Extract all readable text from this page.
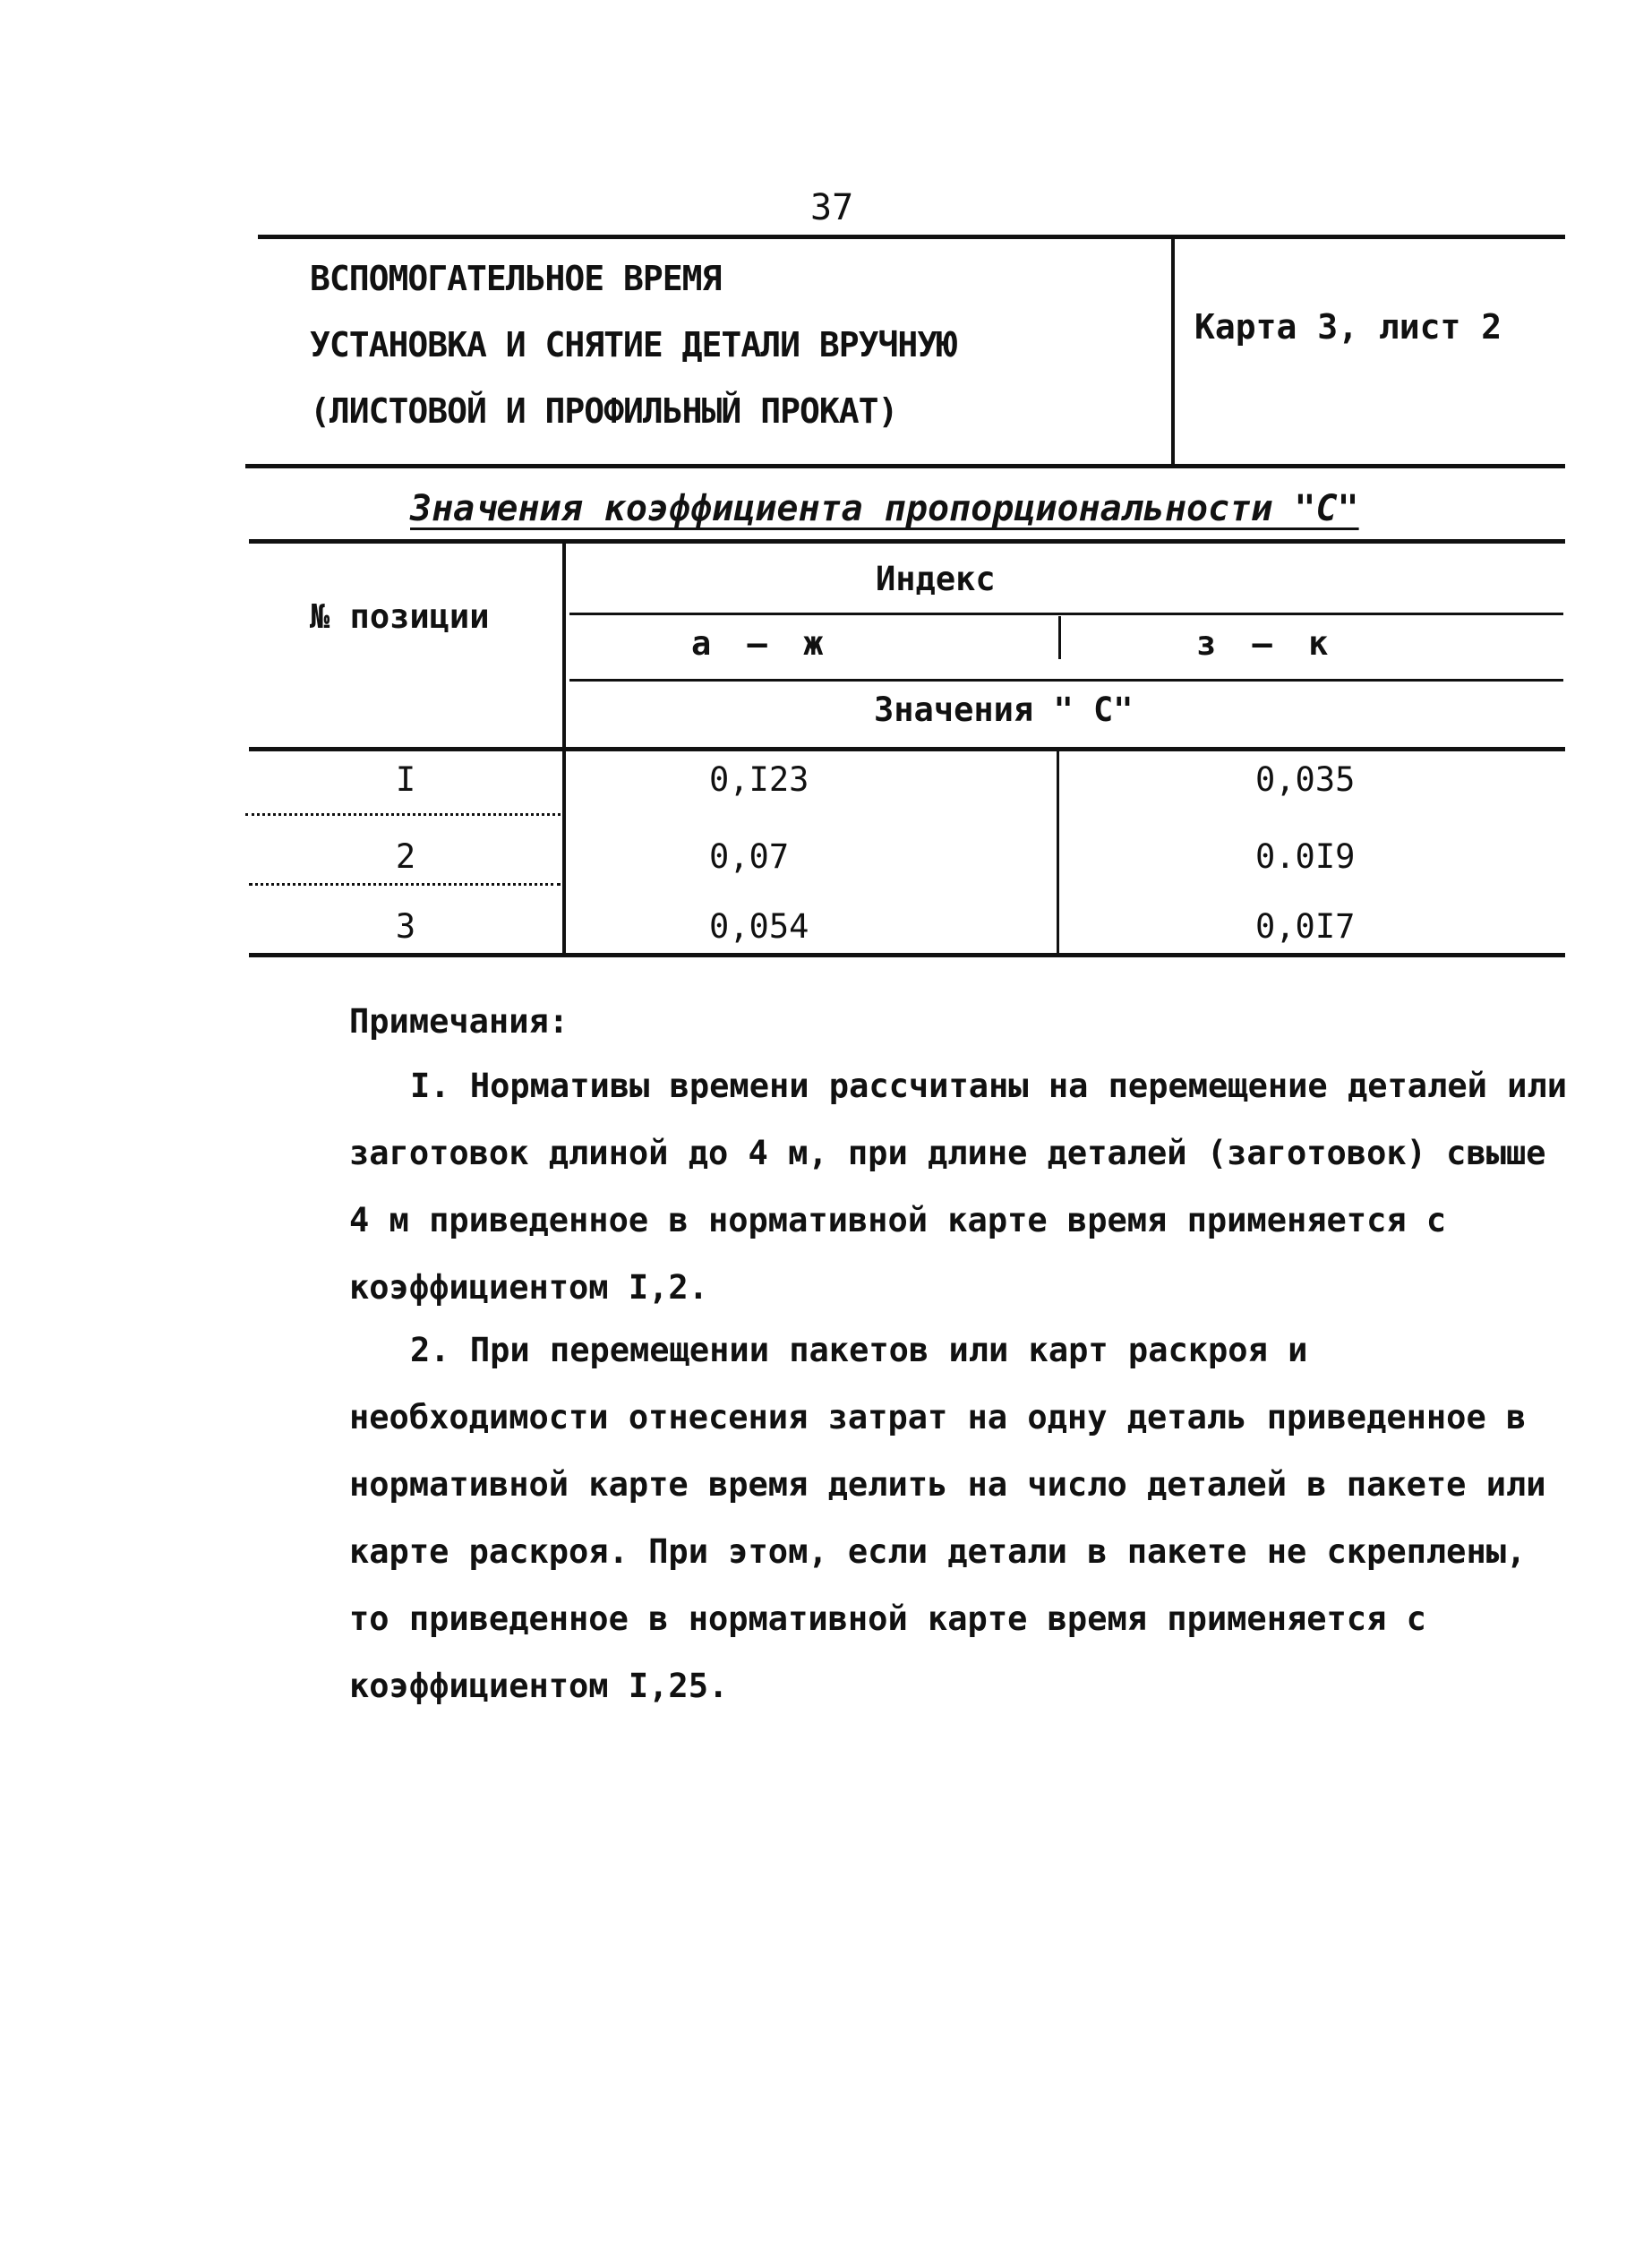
37
ВСПОМОГАТЕЛЬНОЕ ВРЕМЯ
УСТАНОВКА И СНЯТИЕ ДЕТАЛИ ВРУЧНУЮ
(ЛИСТОВОЙ И ПРОФИЛЬНЫЙ ПРОКАТ)
Карта 3, лист 2
Значения коэффициента пропорциональности "С"
№ позиции
Индекс
а – ж	з – к
Значения " С"
I	0,I23	0,035
2	0,07	0.0I9
3	0,054	0,0I7
Примечания:
I. Нормативы времени рассчитаны на перемещение деталей или заготовок длиной до 4 м, при длине деталей (заготовок) свыше 4 м приведенное в нормативной карте время применяется с коэффициентом I,2.
2. При перемещении пакетов или карт раскроя и необходимости отнесения затрат на одну деталь приведенное в нормативной карте время делить на число деталей в пакете или карте раскроя. При этом, если детали в пакете не скреплены, то приведенное в нормативной карте время применяется с коэффициентом I,25.
